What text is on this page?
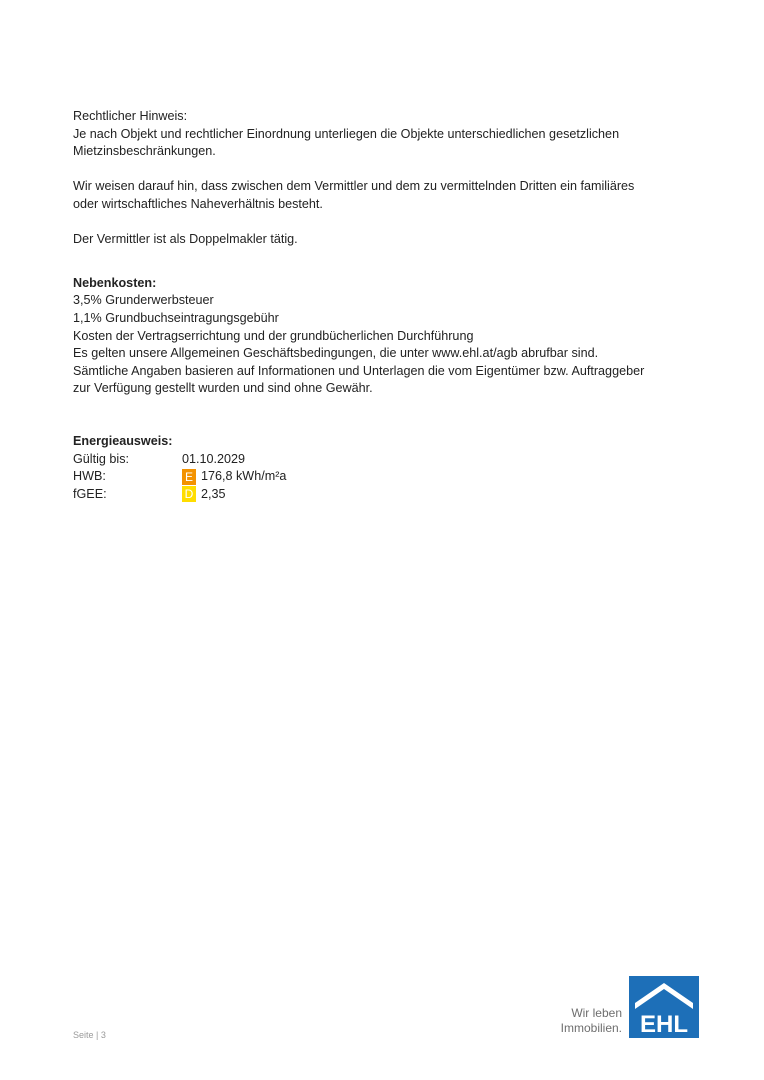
Rechtlicher Hinweis:

Je nach Objekt und rechtlicher Einordnung unterliegen die Objekte unterschiedlichen gesetzlichen

Mietzinsbeschränkungen.

Wir weisen darauf hin, dass zwischen dem Vermittler und dem zu vermittelnden Dritten ein familiäres

oder wirtschaftliches Naheverhältnis besteht.

Der Vermittler ist als Doppelmakler tätig.

Nebenkosten:

3,5% Grunderwerbsteuer

1,1% Grundbuchseintragungsgebühr

Kosten der Vertragserrichtung und der grundbücherlichen Durchführung

Es gelten unsere Allgemeinen Geschäftsbedingungen, die unter www.ehl.at/agb abrufbar sind.

Sämtliche Angaben basieren auf Informationen und Unterlagen die vom Eigentümer bzw. Auftraggeber

zur Verfügung gestellt wurden und sind ohne Gewähr.

Energieausweis:

Gültig bis:	01.10.2029
HWB:	E 176,8 kWh/m²a
fGEE:	D 2,35
Seite | 3
Wir leben
Immobilien. EHL
